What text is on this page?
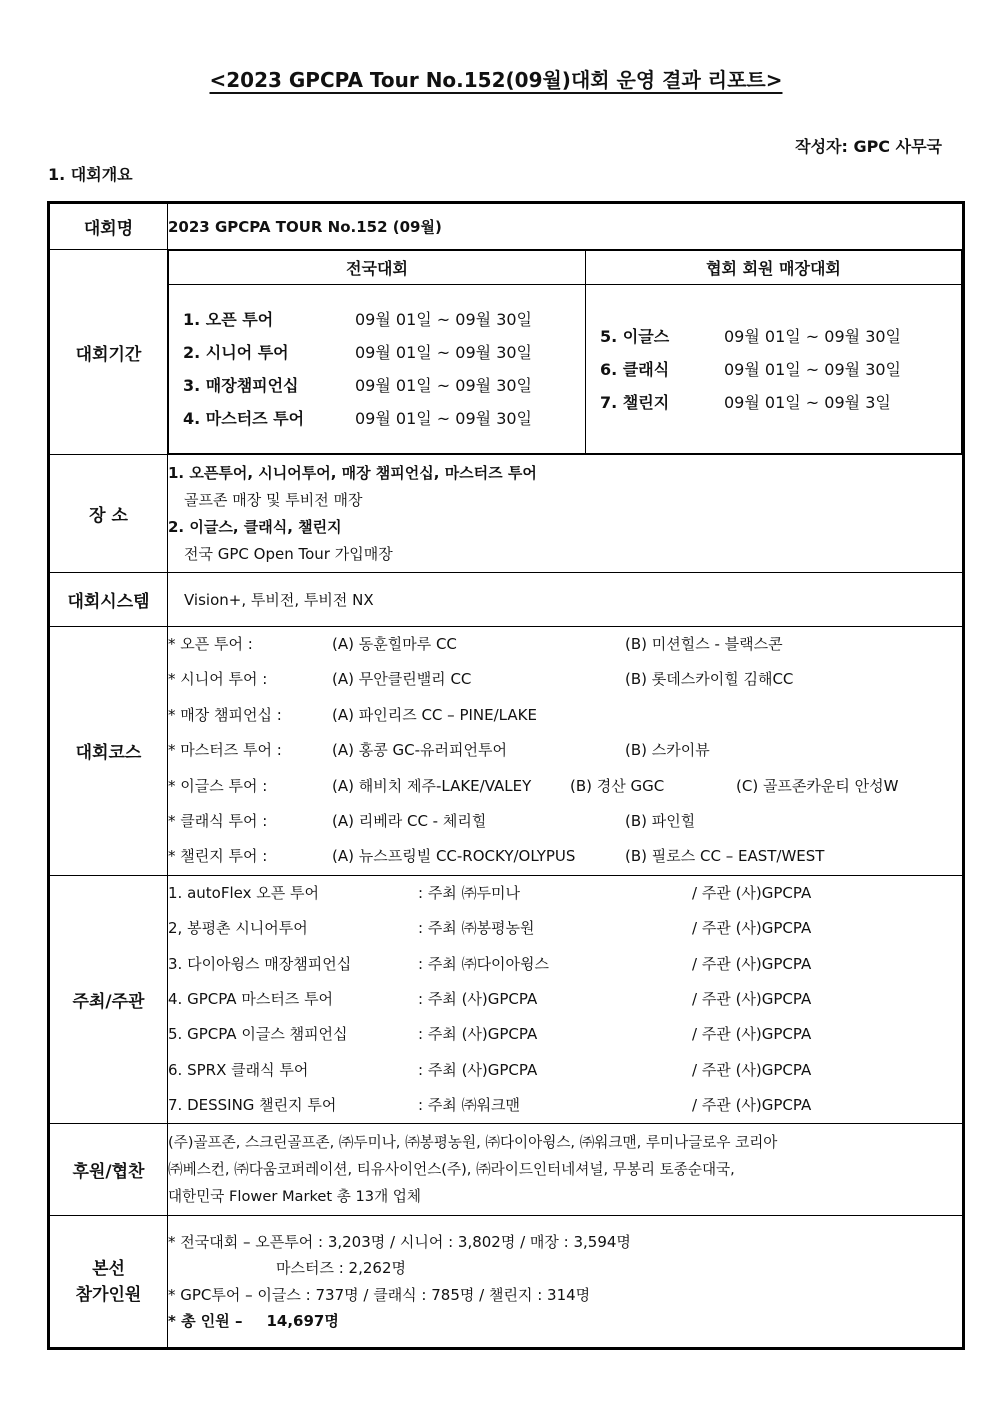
<2023 GPCPA Tour No.152(09월)대회 운영 결과 리포트>
작성자: GPC 사무국
1. 대회개요
대회명	2023 GPCPA TOUR No.152 (09월)
대회기간	
전국대회	협회 회원 매장대회

1. 오픈 투어	09월 01일 ~ 09월 30일
2. 시니어 투어	09월 01일 ~ 09월 30일
3. 매장챔피언십	09월 01일 ~ 09월 30일
4. 마스터즈 투어	09월 01일 ~ 09월 30일

5. 이글스	09월 01일 ~ 09월 30일
6. 클래식	09월 01일 ~ 09월 30일
7. 챌린지	09월 01일 ~ 09월 3일

장 소	
1. 오픈투어, 시니어투어, 매장 챔피언십, 마스터즈 투어
골프존 매장 및 투비전 매장
2. 이글스, 클래식, 챌린지
전국 GPC Open Tour 가입매장

대회시스템	Vision+, 투비전, 투비전 NX
대회코스	
* 오픈 투어 :	(A) 동훈힐마루 CC	(B) 미션힐스 - 블랙스콘
* 시니어 투어 :	(A) 무안클린밸리 CC	(B) 롯데스카이힐 김해CC
* 매장 챔피언십 :	(A) 파인리즈 CC – PINE/LAKE
* 마스터즈 투어 :	(A) 홍콩 GC-유러피언투어	(B) 스카이뷰
* 이글스 투어 :	(A) 해비치 제주-LAKE/VALEY	(B) 경산 GGC	(C) 골프존카운티 안성W
* 클래식 투어 :	(A) 리베라 CC - 체리힐	(B) 파인힐
* 챌린지 투어 :	(A) 뉴스프링빌 CC-ROCKY/OLYPUS	(B) 필로스 CC – EAST/WEST

주최/주관	
1. autoFlex 오픈 투어	: 주최 ㈜두미나	/ 주관 (사)GPCPA
2, 봉평촌 시니어투어	: 주최 ㈜봉평농원	/ 주관 (사)GPCPA
3. 다이아윙스 매장챔피언십	: 주최 ㈜다이아윙스	/ 주관 (사)GPCPA
4. GPCPA 마스터즈 투어	: 주최 (사)GPCPA	/ 주관 (사)GPCPA
5. GPCPA 이글스 챔피언십	: 주최 (사)GPCPA	/ 주관 (사)GPCPA
6. SPRX 클래식 투어	: 주최 (사)GPCPA	/ 주관 (사)GPCPA
7. DESSING 챌린지 투어	: 주최 ㈜워크맨	/ 주관 (사)GPCPA

후원/협찬	
(주)골프존, 스크린골프존, ㈜두미나, ㈜봉평농원, ㈜다이아윙스, ㈜워크맨, 루미나글로우 코리아
㈜베스컨, ㈜다움코퍼레이션, 티유사이언스(주), ㈜라이드인터네셔널, 무봉리 토종순대국,
대한민국 Flower Market 총 13개 업체

본선
참가인원

* 전국대회 – 오픈투어 : 3,203명 / 시니어 : 3,802명 / 매장 : 3,594명
마스터즈 : 2,262명
* GPC투어 – 이글스 : 737명 / 클래식 : 785명 / 챌린지 : 314명
* 총 인원 – 14,697명
